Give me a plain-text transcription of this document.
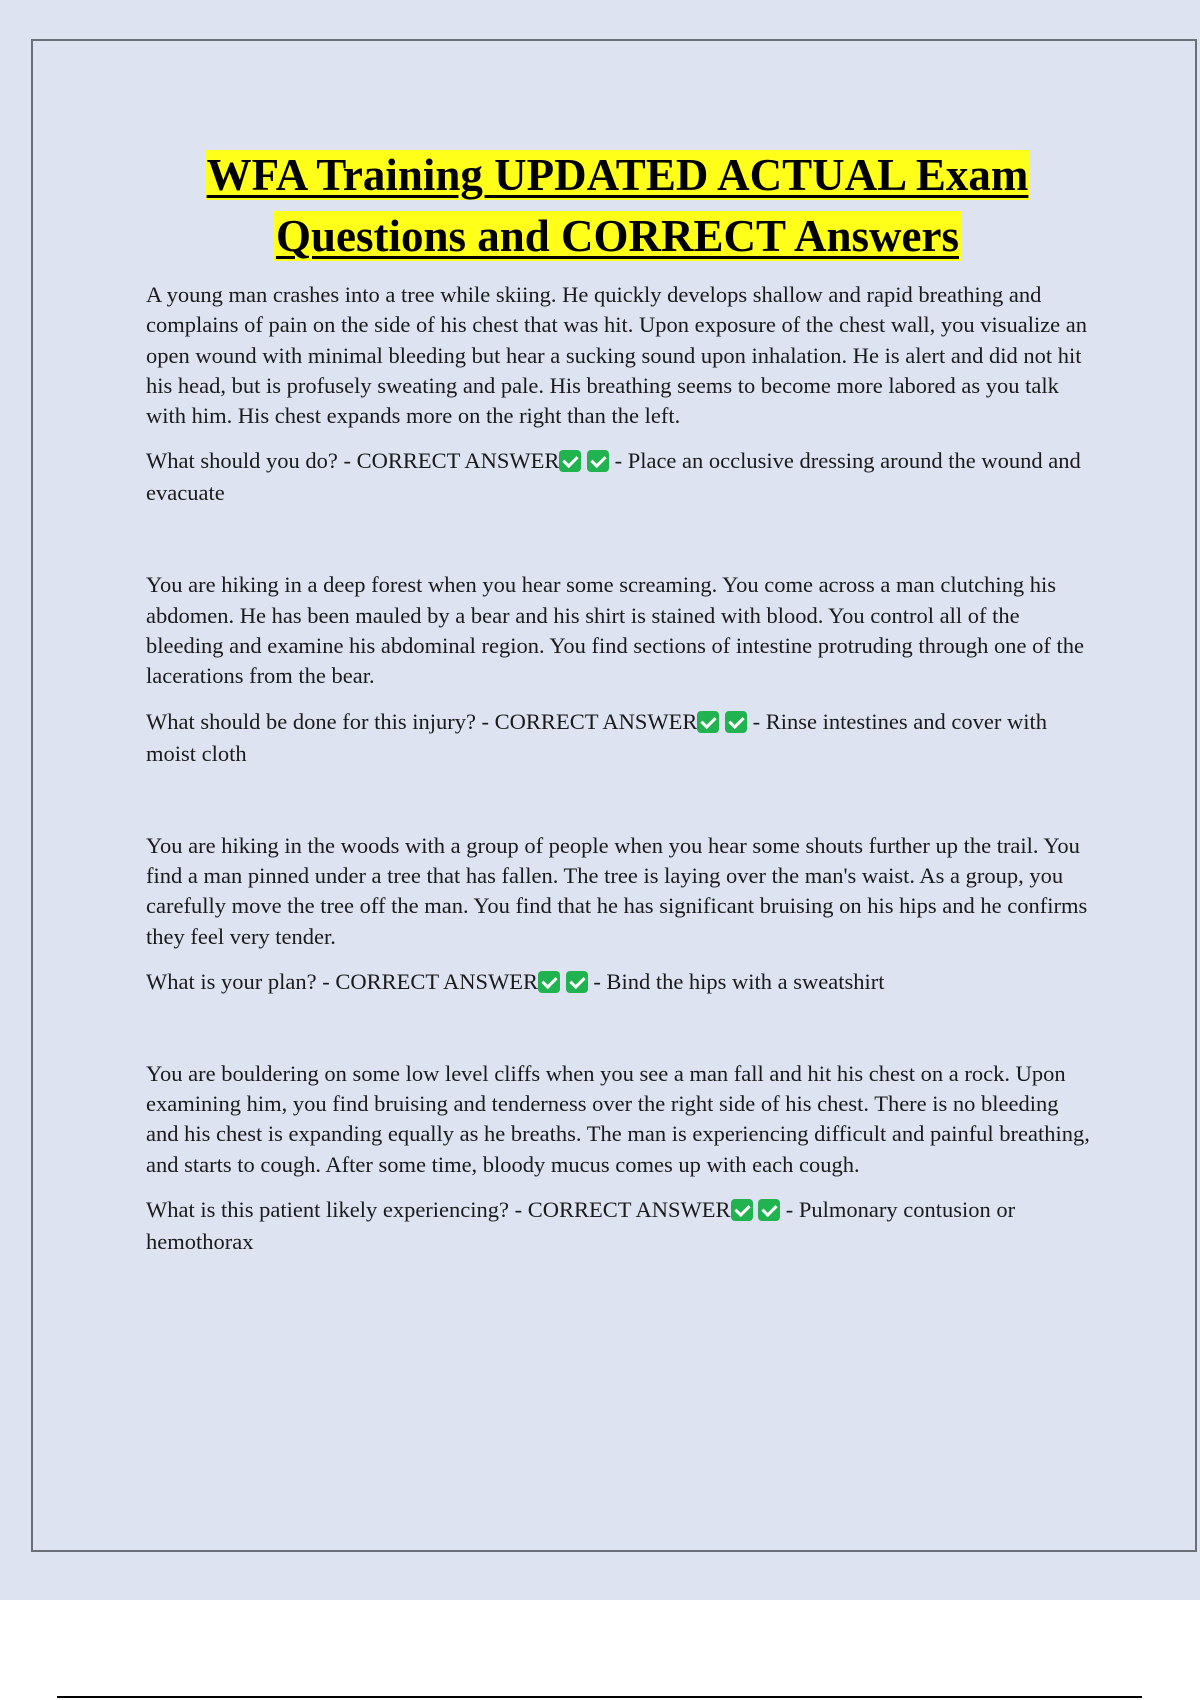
WFA Training UPDATED ACTUAL Exam
Questions and CORRECT Answers

A young man crashes into a tree while skiing. He quickly develops shallow and rapid breathing and complains of pain on the side of his chest that was hit. Upon exposure of the chest wall, you visualize an open wound with minimal bleeding but hear a sucking sound upon inhalation. He is alert and did not hit his head, but is profusely sweating and pale. His breathing seems to become more labored as you talk with him. His chest expands more on the right than the left.

What should you do? - CORRECT ANSWER  - Place an occlusive dressing around the wound and evacuate

You are hiking in a deep forest when you hear some screaming. You come across a man clutching his abdomen. He has been mauled by a bear and his shirt is stained with blood. You control all of the bleeding and examine his abdominal region. You find sections of intestine protruding through one of the lacerations from the bear.

What should be done for this injury? - CORRECT ANSWER  - Rinse intestines and cover with moist cloth

You are hiking in the woods with a group of people when you hear some shouts further up the trail. You find a man pinned under a tree that has fallen. The tree is laying over the man's waist. As a group, you carefully move the tree off the man. You find that he has significant bruising on his hips and he confirms they feel very tender.

What is your plan? - CORRECT ANSWER  - Bind the hips with a sweatshirt

You are bouldering on some low level cliffs when you see a man fall and hit his chest on a rock. Upon examining him, you find bruising and tenderness over the right side of his chest. There is no bleeding and his chest is expanding equally as he breaths. The man is experiencing difficult and painful breathing, and starts to cough. After some time, bloody mucus comes up with each cough.

What is this patient likely experiencing? - CORRECT ANSWER  - Pulmonary contusion or hemothorax
